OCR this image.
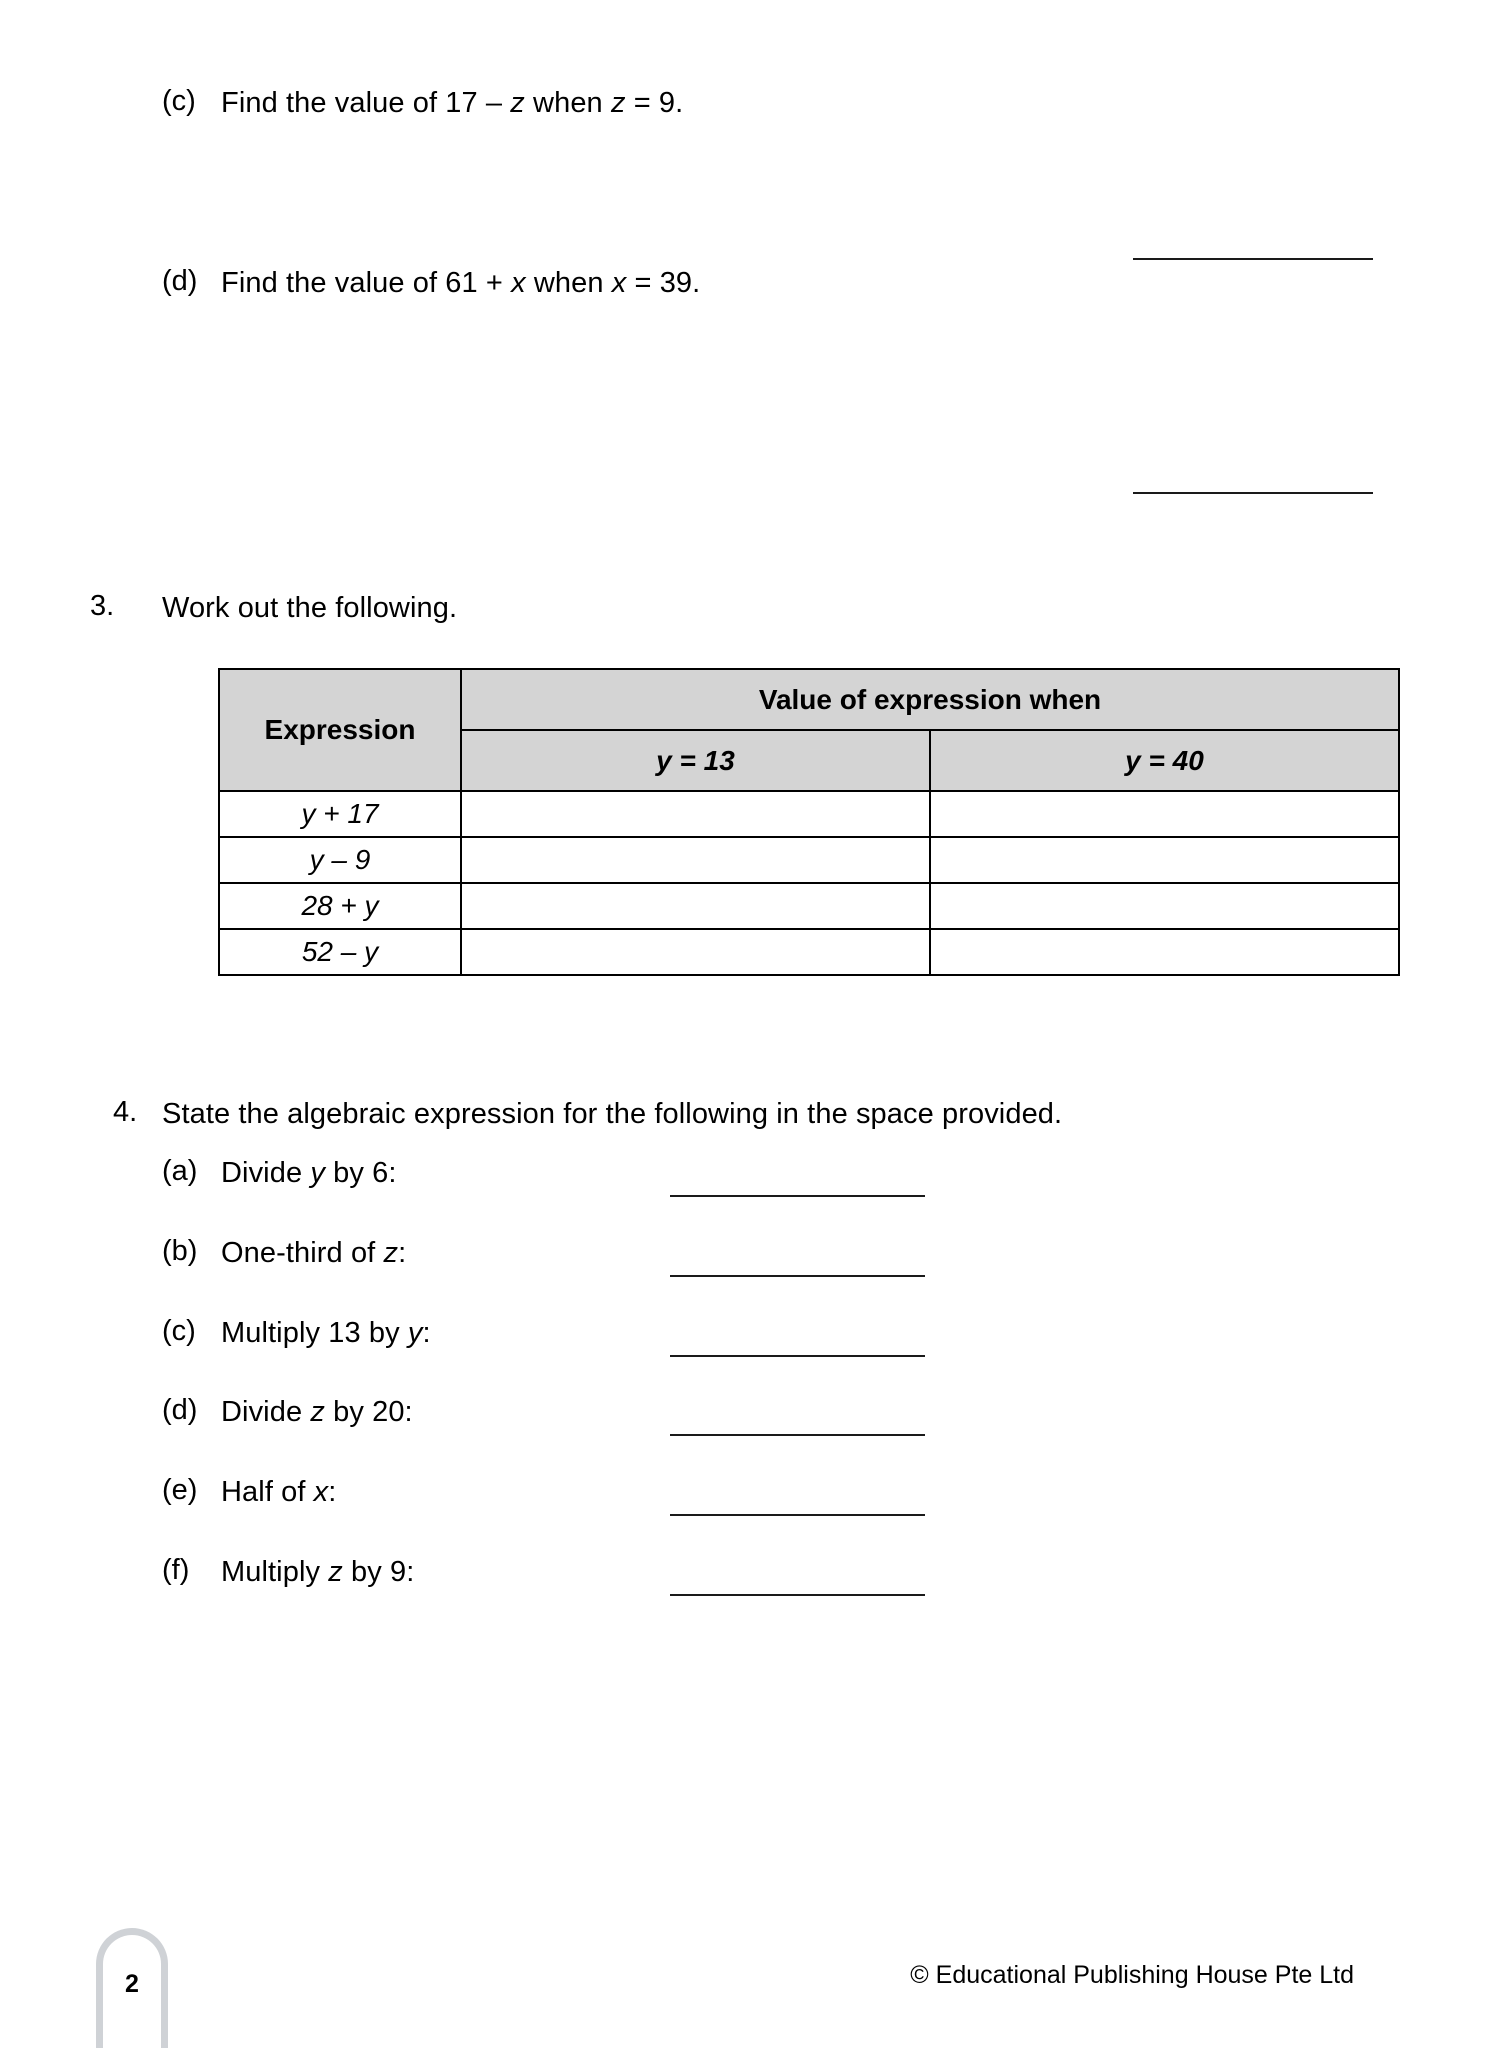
(c) Find the value of 17 – z when z = 9.
(d) Find the value of 61 + x when x = 39.
3. Work out the following.
Expression	Value of expression when	
	y = 13	y = 40
y + 17		
y – 9		
28 + y		
52 – y		
4. State the algebraic expression for the following in the space provided.
(a) Divide y by 6:
(b) One-third of z:
(c) Multiply 13 by y:
(d) Divide z by 20:
(e) Half of x:
(f) Multiply z by 9:
2	© Educational Publishing House Pte Ltd
